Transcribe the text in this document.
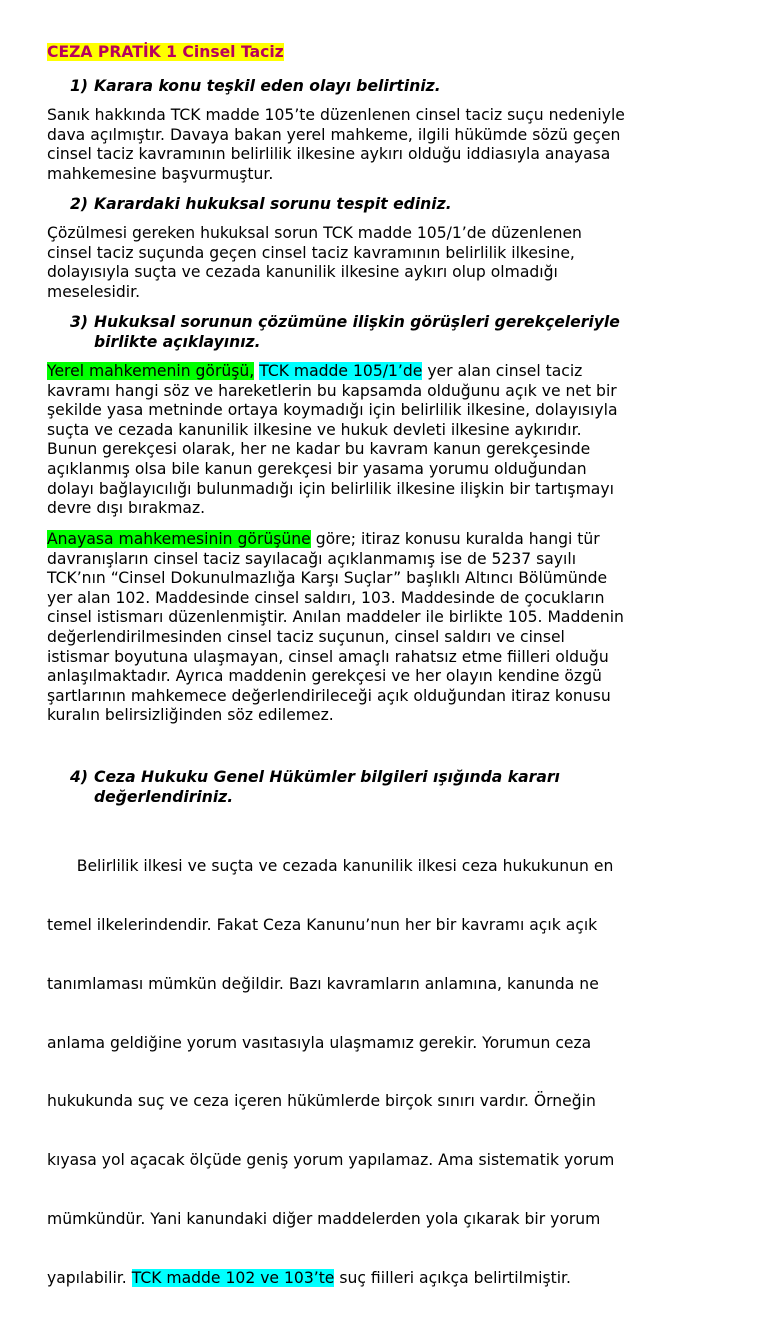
CEZA PRATİK 1 Cinsel Taciz
1) Karara konu teşkil eden olayı belirtiniz.
Sanık hakkında TCK madde 105’te düzenlenen cinsel taciz suçu nedeniyle
dava açılmıştır. Davaya bakan yerel mahkeme, ilgili hükümde sözü geçen
cinsel taciz kavramının belirlilik ilkesine aykırı olduğu iddiasıyla anayasa
mahkemesine başvurmuştur.
2) Karardaki hukuksal sorunu tespit ediniz.
Çözülmesi gereken hukuksal sorun TCK madde 105/1’de düzenlenen
cinsel taciz suçunda geçen cinsel taciz kavramının belirlilik ilkesine,
dolayısıyla suçta ve cezada kanunilik ilkesine aykırı olup olmadığı
meselesidir.
3) Hukuksal sorunun çözümüne ilişkin görüşleri gerekçeleriyle
birlikte açıklayınız.
Yerel mahkemenin görüşü, TCK madde 105/1’de yer alan cinsel taciz
kavramı hangi söz ve hareketlerin bu kapsamda olduğunu açık ve net bir
şekilde yasa metninde ortaya koymadığı için belirlilik ilkesine, dolayısıyla
suçta ve cezada kanunilik ilkesine ve hukuk devleti ilkesine aykırıdır.
Bunun gerekçesi olarak, her ne kadar bu kavram kanun gerekçesinde
açıklanmış olsa bile kanun gerekçesi bir yasama yorumu olduğundan
dolayı bağlayıcılığı bulunmadığı için belirlilik ilkesine ilişkin bir tartışmayı
devre dışı bırakmaz.
Anayasa mahkemesinin görüşüne göre; itiraz konusu kuralda hangi tür
davranışların cinsel taciz sayılacağı açıklanmamış ise de 5237 sayılı
TCK’nın “Cinsel Dokunulmazlığa Karşı Suçlar” başlıklı Altıncı Bölümünde
yer alan 102. Maddesinde cinsel saldırı, 103. Maddesinde de çocukların
cinsel istismarı düzenlenmiştir. Anılan maddeler ile birlikte 105. Maddenin
değerlendirilmesinden cinsel taciz suçunun, cinsel saldırı ve cinsel
istismar boyutuna ulaşmayan, cinsel amaçlı rahatsız etme fiilleri olduğu
anlaşılmaktadır. Ayrıca maddenin gerekçesi ve her olayın kendine özgü
şartlarının mahkemece değerlendirileceği açık olduğundan itiraz konusu
kuralın belirsizliğinden söz edilemez.
4) Ceza Hukuku Genel Hükümler bilgileri ışığında kararı
değerlendiriniz.

Belirlilik ilkesi ve suçta ve cezada kanunilik ilkesi ceza hukukunun en

temel ilkelerindendir. Fakat Ceza Kanunu’nun her bir kavramı açık açık

tanımlaması mümkün değildir. Bazı kavramların anlamına, kanunda ne

anlama geldiğine yorum vasıtasıyla ulaşmamız gerekir. Yorumun ceza

hukukunda suç ve ceza içeren hükümlerde birçok sınırı vardır. Örneğin

kıyasa yol açacak ölçüde geniş yorum yapılamaz. Ama sistematik yorum

mümkündür. Yani kanundaki diğer maddelerden yola çıkarak bir yorum

yapılabilir. TCK madde 102 ve 103’te suç fiilleri açıkça belirtilmiştir.
